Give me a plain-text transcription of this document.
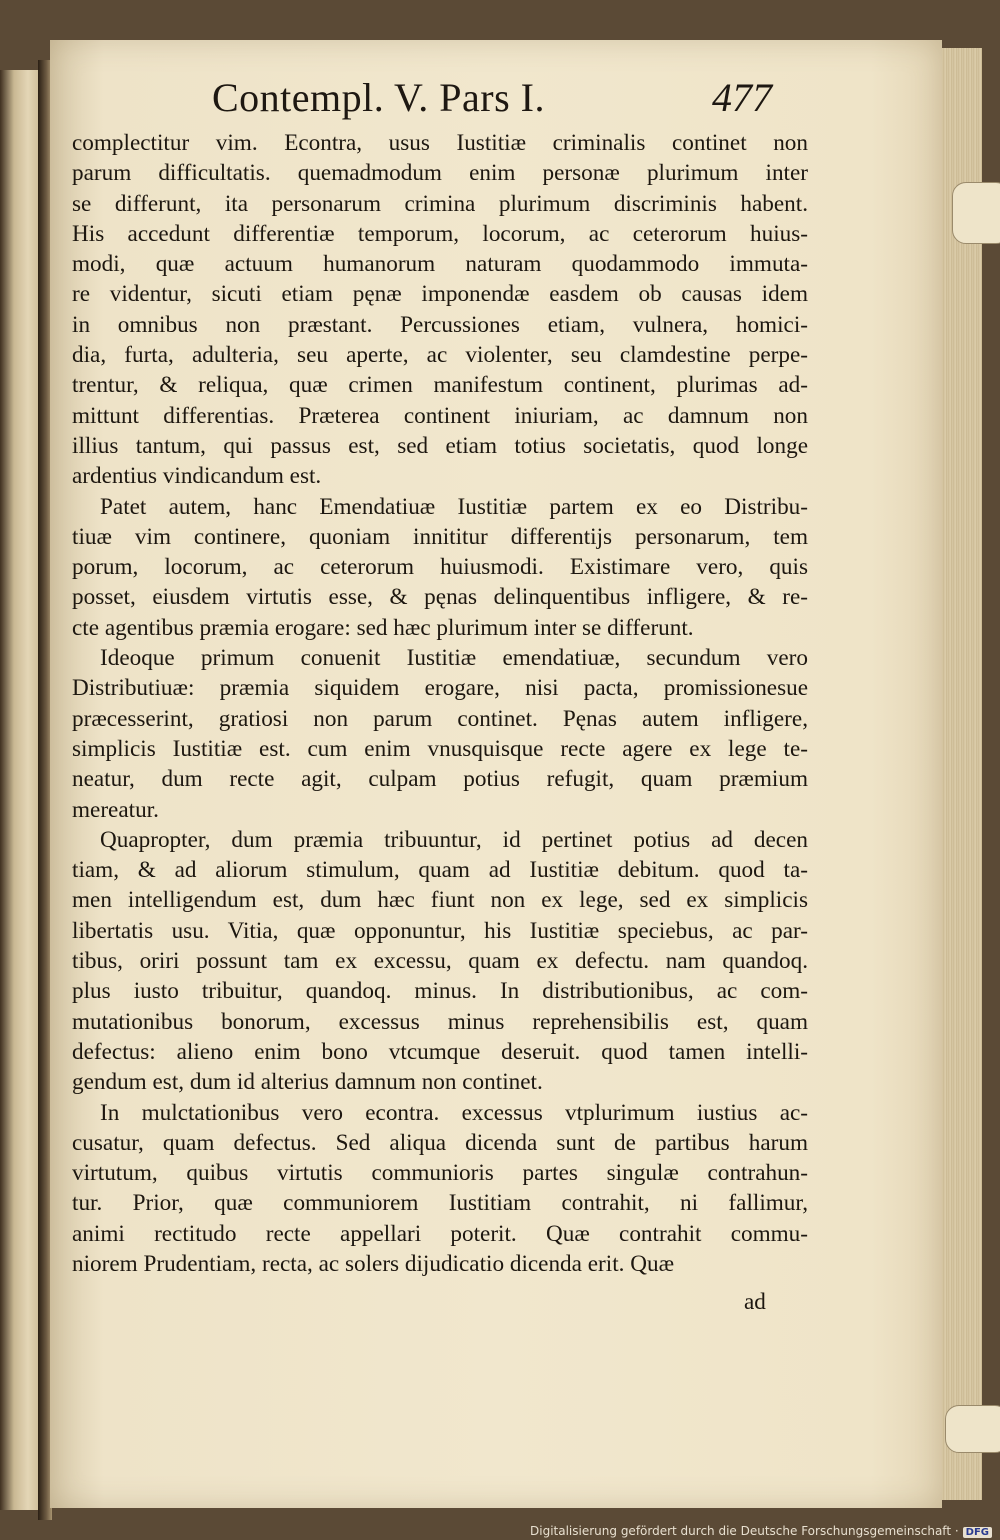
Contempl. V. Pars I.	477
complectitur vim. Econtra, usus Iustitiæ criminalis continet non
parum difficultatis. quemadmodum enim personæ plurimum inter
se differunt, ita personarum crimina plurimum discriminis habent.
His accedunt differentiæ temporum, locorum, ac ceterorum huius-
modi, quæ actuum humanorum naturam quodammodo immuta-
re videntur, sicuti etiam pęnæ imponendæ easdem ob causas idem
in omnibus non præstant. Percussiones etiam, vulnera, homici-
dia, furta, adulteria, seu aperte, ac violenter, seu clamdestine perpe-
trentur, & reliqua, quæ crimen manifestum continent, plurimas ad-
mittunt differentias. Præterea continent iniuriam, ac damnum non
illius tantum, qui passus est, sed etiam totius societatis, quod longe
ardentius vindicandum est.
Patet autem, hanc Emendatiuæ Iustitiæ partem ex eo Distribu-
tiuæ vim continere, quoniam innititur differentijs personarum, tem
porum, locorum, ac ceterorum huiusmodi. Existimare vero, quis
posset, eiusdem virtutis esse, & pęnas delinquentibus infligere, & re-
cte agentibus præmia erogare: sed hæc plurimum inter se differunt.
Ideoque primum conuenit Iustitiæ emendatiuæ, secundum vero
Distributiuæ: præmia siquidem erogare, nisi pacta, promissionesue
præcesserint, gratiosi non parum continet. Pęnas autem infligere,
simplicis Iustitiæ est. cum enim vnusquisque recte agere ex lege te-
neatur, dum recte agit, culpam potius refugit, quam præmium
mereatur.
Quapropter, dum præmia tribuuntur, id pertinet potius ad decen
tiam, & ad aliorum stimulum, quam ad Iustitiæ debitum. quod ta-
men intelligendum est, dum hæc fiunt non ex lege, sed ex simplicis
libertatis usu. Vitia, quæ opponuntur, his Iustitiæ speciebus, ac par-
tibus, oriri possunt tam ex excessu, quam ex defectu. nam quandoq.
plus iusto tribuitur, quandoq. minus. In distributionibus, ac com-
mutationibus bonorum, excessus minus reprehensibilis est, quam
defectus: alieno enim bono vtcumque deseruit. quod tamen intelli-
gendum est, dum id alterius damnum non continet.
In mulctationibus vero econtra. excessus vtplurimum iustius ac-
cusatur, quam defectus. Sed aliqua dicenda sunt de partibus harum
virtutum, quibus virtutis communioris partes singulæ contrahun-
tur. Prior, quæ communiorem Iustitiam contrahit, ni fallimur,
animi rectitudo recte appellari poterit. Quæ contrahit commu-
niorem Prudentiam, recta, ac solers dijudicatio dicenda erit. Quæ
ad
Digitalisierung gefördert durch die Deutsche Forschungsgemeinschaft · DFG
